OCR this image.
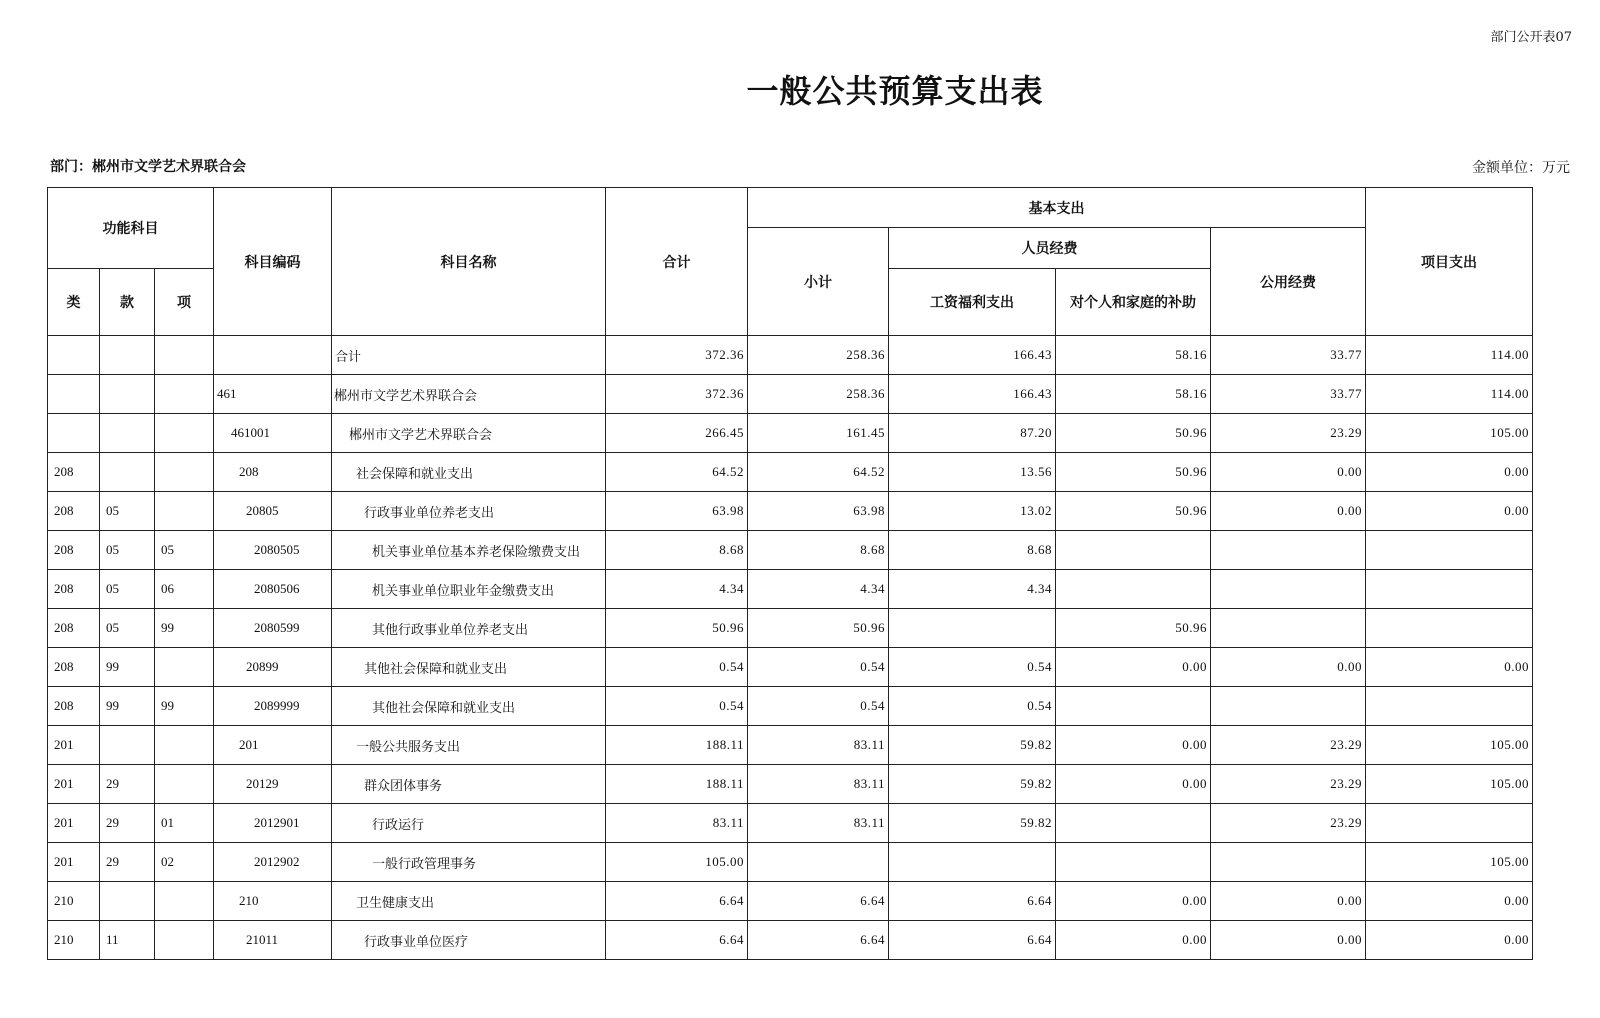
部门公开表07
一般公共预算支出表
部门：郴州市文学艺术界联合会	金额单位：万元
功能科目			科目编码	科目名称	合计	基本支出				项目支出
						小计	人员经费		公用经费	
类	款	项					工资福利支出	对个人和家庭的补助		
				合计	372.36	258.36	166.43	58.16	33.77	114.00
			461	郴州市文学艺术界联合会	372.36	258.36	166.43	58.16	33.77	114.00
			461001	郴州市文学艺术界联合会	266.45	161.45	87.20	50.96	23.29	105.00
208			208	社会保障和就业支出	64.52	64.52	13.56	50.96	0.00	0.00
208	05		20805	行政事业单位养老支出	63.98	63.98	13.02	50.96	0.00	0.00
208	05	05	2080505	机关事业单位基本养老保险缴费支出	8.68	8.68	8.68			
208	05	06	2080506	机关事业单位职业年金缴费支出	4.34	4.34	4.34			
208	05	99	2080599	其他行政事业单位养老支出	50.96	50.96		50.96		
208	99		20899	其他社会保障和就业支出	0.54	0.54	0.54	0.00	0.00	0.00
208	99	99	2089999	其他社会保障和就业支出	0.54	0.54	0.54			
201			201	一般公共服务支出	188.11	83.11	59.82	0.00	23.29	105.00
201	29		20129	群众团体事务	188.11	83.11	59.82	0.00	23.29	105.00
201	29	01	2012901	行政运行	83.11	83.11	59.82		23.29	
201	29	02	2012902	一般行政管理事务	105.00					105.00
210			210	卫生健康支出	6.64	6.64	6.64	0.00	0.00	0.00
210	11		21011	行政事业单位医疗	6.64	6.64	6.64	0.00	0.00	0.00
